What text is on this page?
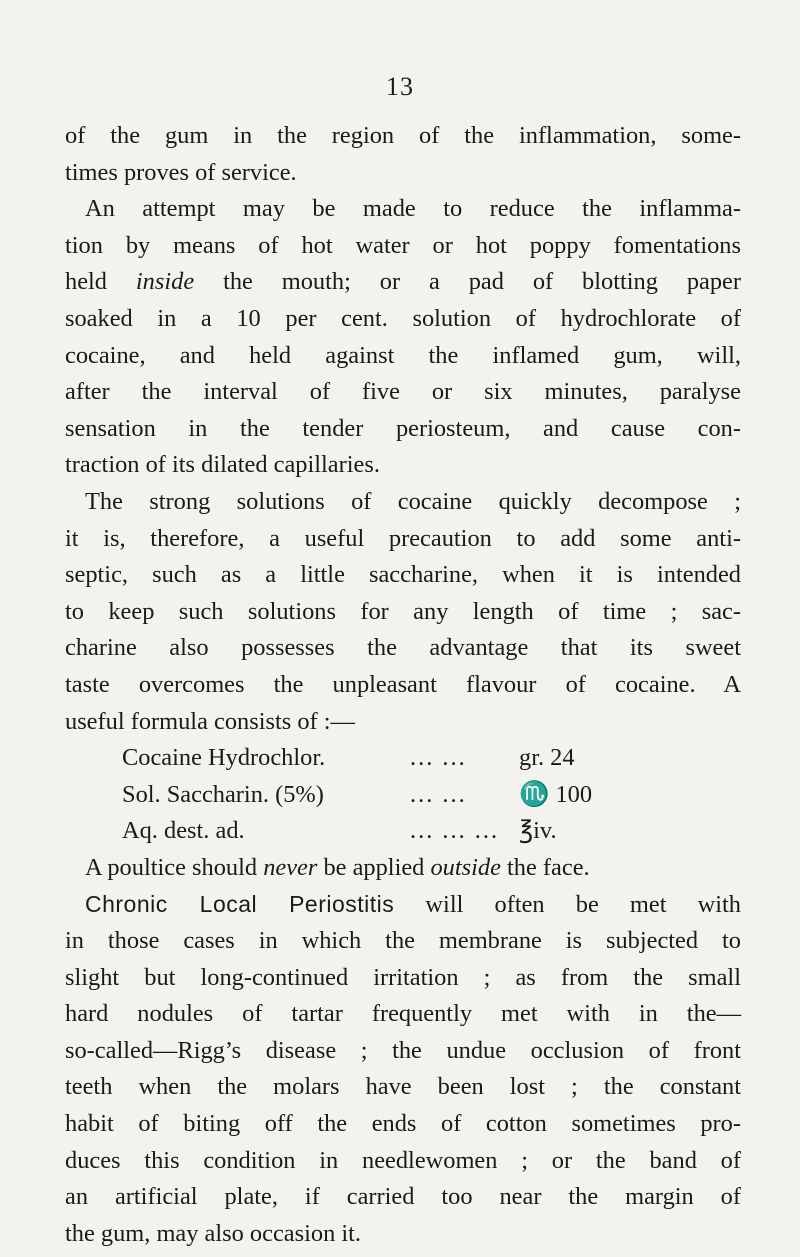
13
of the gum in the region of the inflammation, some-
times proves of service.
An attempt may be made to reduce the inflamma-
tion by means of hot water or hot poppy fomentations
held inside the mouth; or a pad of blotting paper
soaked in a 10 per cent. solution of hydrochlorate of
cocaine, and held against the inflamed gum, will,
after the interval of five or six minutes, paralyse
sensation in the tender periosteum, and cause con-
traction of its dilated capillaries.
The strong solutions of cocaine quickly decompose ;
it is, therefore, a useful precaution to add some anti-
septic, such as a little saccharine, when it is intended
to keep such solutions for any length of time ; sac-
charine also possesses the advantage that its sweet
taste overcomes the unpleasant flavour of cocaine. A
useful formula consists of :—
Cocaine Hydrochlor.	... ...	gr. 24
Sol. Saccharin. (5%)	... ...	♏ 100
Aq. dest. ad.	... ... ... ℥iv.
A poultice should never be applied outside the face.
Chronic Local Periostitis will often be met with
in those cases in which the membrane is subjected to
slight but long-continued irritation ; as from the small
hard nodules of tartar frequently met with in the—
so-called—Rigg’s disease ; the undue occlusion of front
teeth when the molars have been lost ; the constant
habit of biting off the ends of cotton sometimes pro-
duces this condition in needlewomen ; or the band of
an artificial plate, if carried too near the margin of
the gum, may also occasion it.
